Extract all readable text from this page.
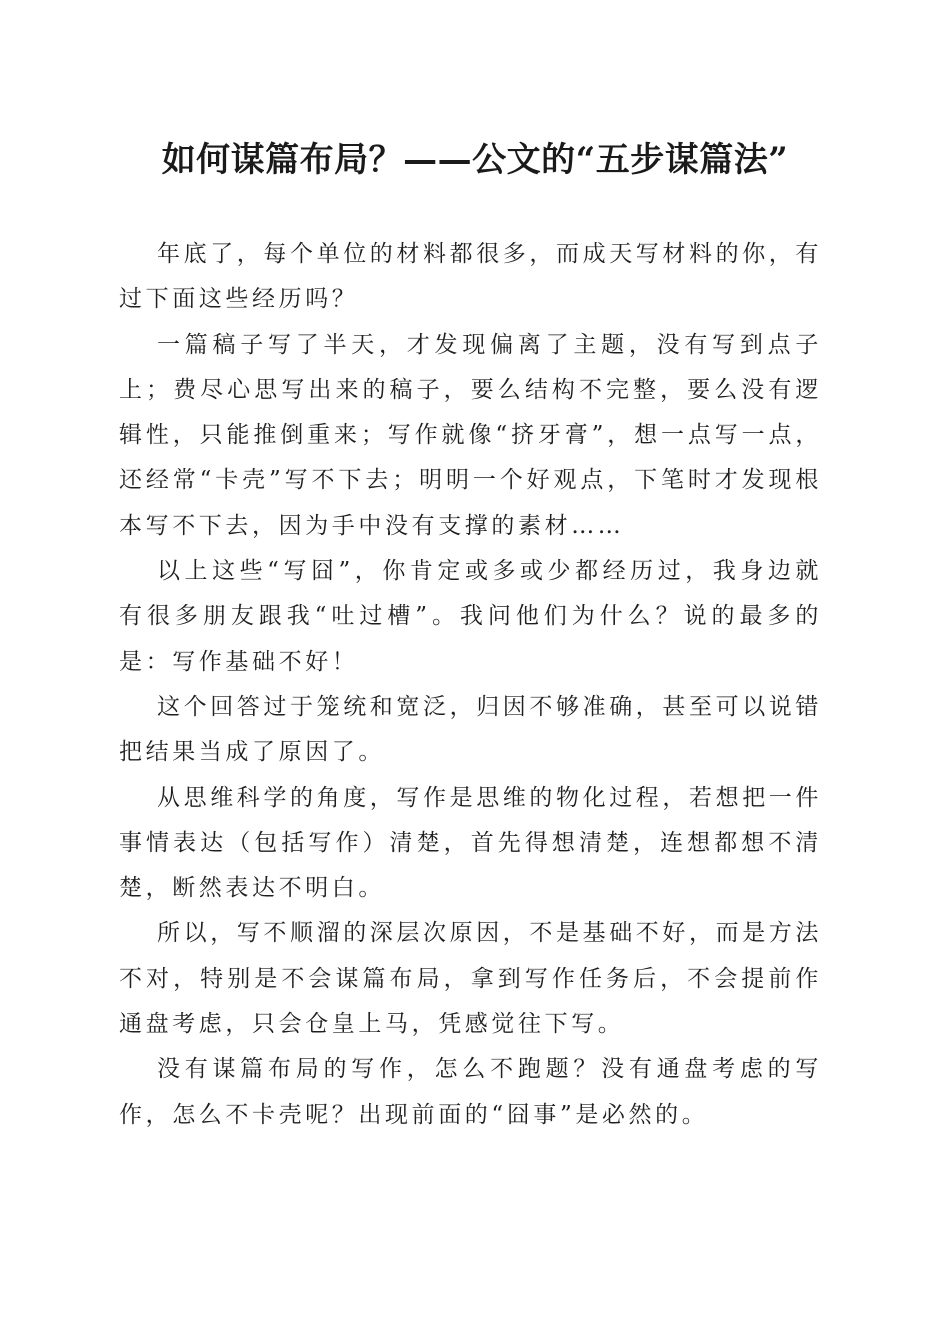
如何谋篇布局？——公文的“五步谋篇法”

年底了，每个单位的材料都很多，而成天写材料的你，有过下面这些经历吗？

一篇稿子写了半天，才发现偏离了主题，没有写到点子上；费尽心思写出来的稿子，要么结构不完整，要么没有逻辑性，只能推倒重来；写作就像“挤牙膏”，想一点写一点，还经常“卡壳”写不下去；明明一个好观点，下笔时才发现根本写不下去，因为手中没有支撑的素材……

以上这些“写囧”，你肯定或多或少都经历过，我身边就有很多朋友跟我“吐过槽”。我问他们为什么？说的最多的是：写作基础不好！

这个回答过于笼统和宽泛，归因不够准确，甚至可以说错把结果当成了原因了。

从思维科学的角度，写作是思维的物化过程，若想把一件事情表达（包括写作）清楚，首先得想清楚，连想都想不清楚，断然表达不明白。

所以，写不顺溜的深层次原因，不是基础不好，而是方法不对，特别是不会谋篇布局，拿到写作任务后，不会提前作通盘考虑，只会仓皇上马，凭感觉往下写。

没有谋篇布局的写作，怎么不跑题？没有通盘考虑的写作，怎么不卡壳呢？出现前面的“囧事”是必然的。
